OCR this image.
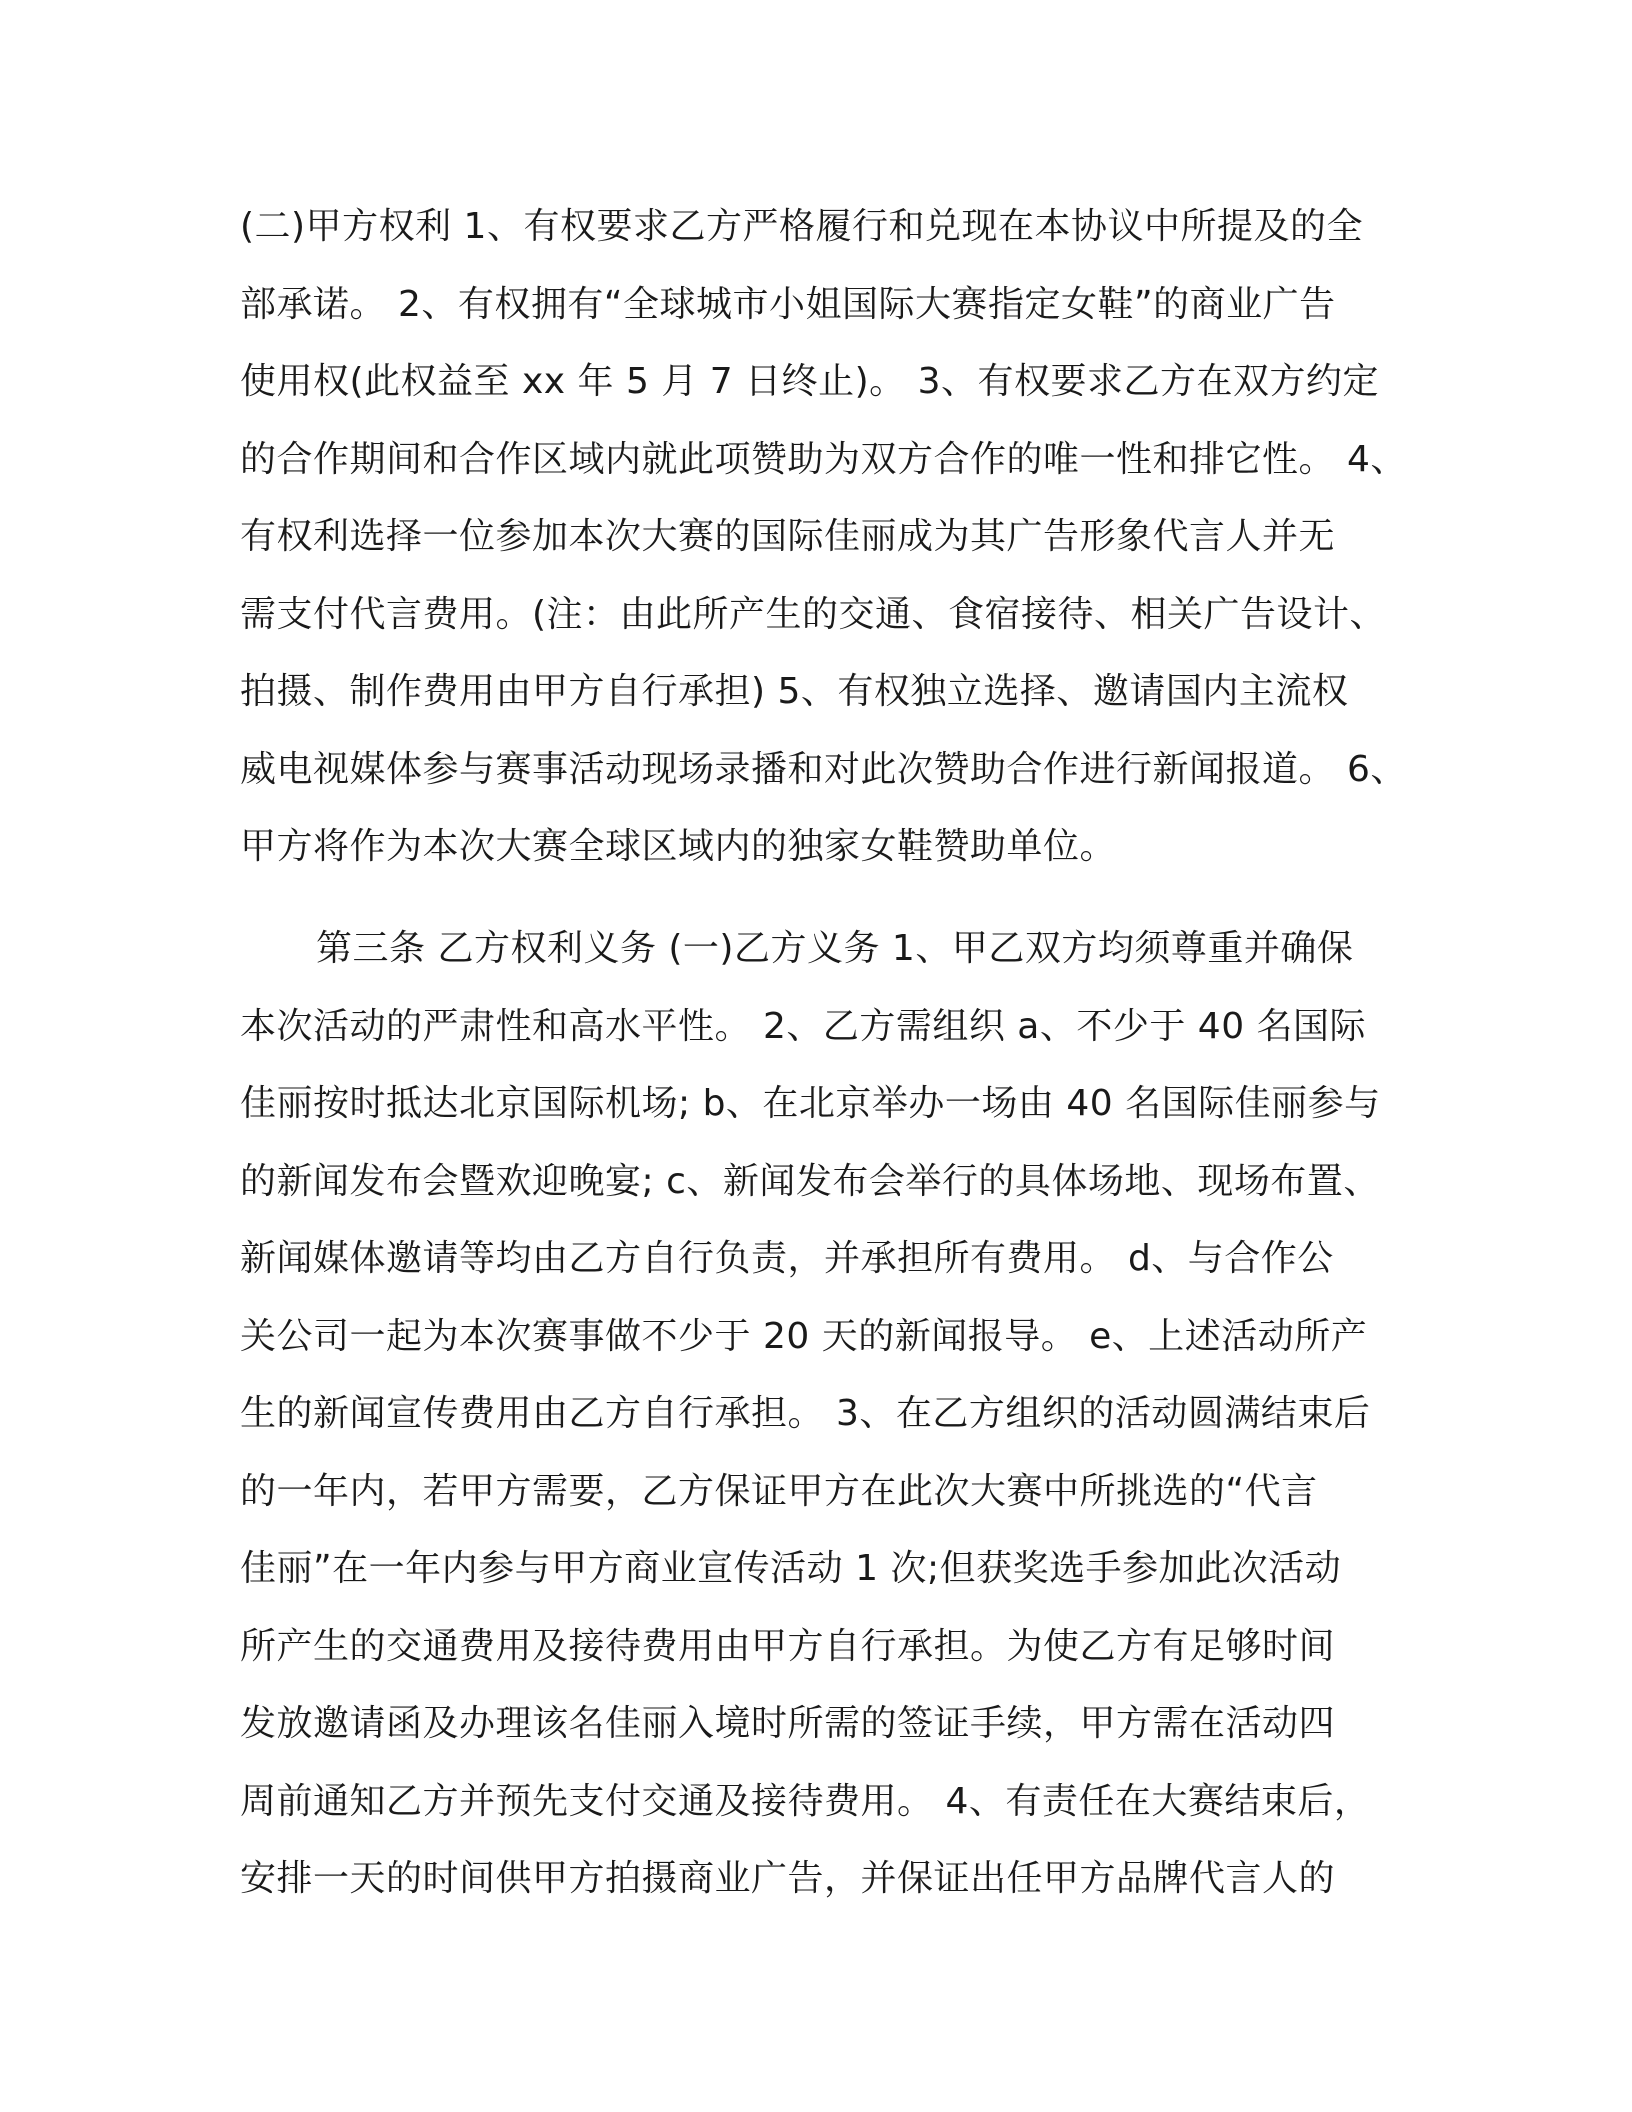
(二)甲方权利 1、有权要求乙方严格履行和兑现在本协议中所提及的全
部承诺。 2、有权拥有“全球城市小姐国际大赛指定女鞋”的商业广告
使用权(此权益至 xx 年 5 月 7 日终止)。 3、有权要求乙方在双方约定
的合作期间和合作区域内就此项赞助为双方合作的唯一性和排它性。 4、
有权利选择一位参加本次大赛的国际佳丽成为其广告形象代言人并无
需支付代言费用。(注：由此所产生的交通、食宿接待、相关广告设计、
拍摄、制作费用由甲方自行承担) 5、有权独立选择、邀请国内主流权
威电视媒体参与赛事活动现场录播和对此次赞助合作进行新闻报道。 6、
甲方将作为本次大赛全球区域内的独家女鞋赞助单位。
第三条 乙方权利义务 (一)乙方义务 1、甲乙双方均须尊重并确保
本次活动的严肃性和高水平性。 2、乙方需组织 a、不少于 40 名国际
佳丽按时抵达北京国际机场; b、在北京举办一场由 40 名国际佳丽参与
的新闻发布会暨欢迎晚宴; c、新闻发布会举行的具体场地、现场布置、
新闻媒体邀请等均由乙方自行负责，并承担所有费用。 d、与合作公
关公司一起为本次赛事做不少于 20 天的新闻报导。 e、上述活动所产
生的新闻宣传费用由乙方自行承担。 3、在乙方组织的活动圆满结束后
的一年内，若甲方需要，乙方保证甲方在此次大赛中所挑选的“代言
佳丽”在一年内参与甲方商业宣传活动 1 次;但获奖选手参加此次活动
所产生的交通费用及接待费用由甲方自行承担。为使乙方有足够时间
发放邀请函及办理该名佳丽入境时所需的签证手续，甲方需在活动四
周前通知乙方并预先支付交通及接待费用。 4、有责任在大赛结束后，
安排一天的时间供甲方拍摄商业广告，并保证出任甲方品牌代言人的
